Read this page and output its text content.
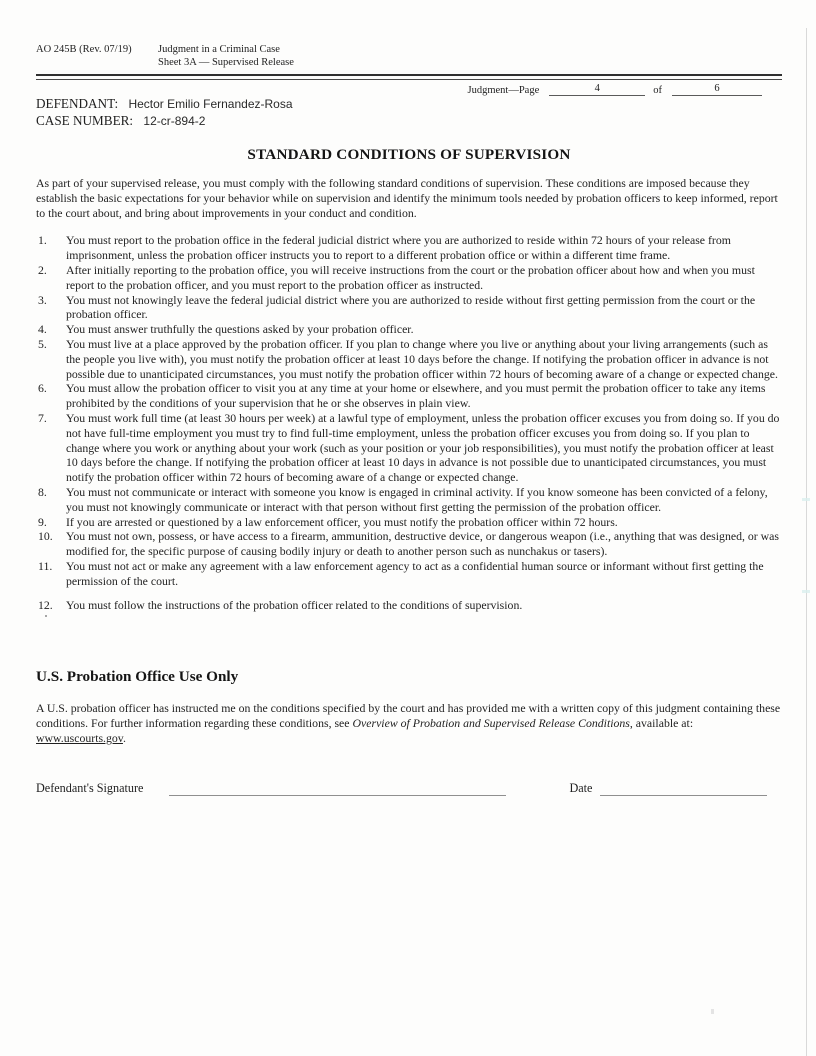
AO 245B (Rev. 07/19)	Judgment in a Criminal Case
Sheet 3A — Supervised Release
Judgment—Page	4	of	6
DEFENDANT: Hector Emilio Fernandez-Rosa
CASE NUMBER: 12-cr-894-2
STANDARD CONDITIONS OF SUPERVISION

As part of your supervised release, you must comply with the following standard conditions of supervision. These conditions are imposed because they establish the basic expectations for your behavior while on supervision and identify the minimum tools needed by probation officers to keep informed, report to the court about, and bring about improvements in your conduct and condition.

1. You must report to the probation office in the federal judicial district where you are authorized to reside within 72 hours of your release from imprisonment, unless the probation officer instructs you to report to a different probation office or within a different time frame.
2. After initially reporting to the probation office, you will receive instructions from the court or the probation officer about how and when you must report to the probation officer, and you must report to the probation officer as instructed.
3. You must not knowingly leave the federal judicial district where you are authorized to reside without first getting permission from the court or the probation officer.
4. You must answer truthfully the questions asked by your probation officer.
5. You must live at a place approved by the probation officer. If you plan to change where you live or anything about your living arrangements (such as the people you live with), you must notify the probation officer at least 10 days before the change. If notifying the probation officer in advance is not possible due to unanticipated circumstances, you must notify the probation officer within 72 hours of becoming aware of a change or expected change.
6. You must allow the probation officer to visit you at any time at your home or elsewhere, and you must permit the probation officer to take any items prohibited by the conditions of your supervision that he or she observes in plain view.
7. You must work full time (at least 30 hours per week) at a lawful type of employment, unless the probation officer excuses you from doing so. If you do not have full-time employment you must try to find full-time employment, unless the probation officer excuses you from doing so. If you plan to change where you work or anything about your work (such as your position or your job responsibilities), you must notify the probation officer at least 10 days before the change. If notifying the probation officer at least 10 days in advance is not possible due to unanticipated circumstances, you must notify the probation officer within 72 hours of becoming aware of a change or expected change.
8. You must not communicate or interact with someone you know is engaged in criminal activity. If you know someone has been convicted of a felony, you must not knowingly communicate or interact with that person without first getting the permission of the probation officer.
9. If you are arrested or questioned by a law enforcement officer, you must notify the probation officer within 72 hours.
10. You must not own, possess, or have access to a firearm, ammunition, destructive device, or dangerous weapon (i.e., anything that was designed, or was modified for, the specific purpose of causing bodily injury or death to another person such as nunchakus or tasers).
11. You must not act or make any agreement with a law enforcement agency to act as a confidential human source or informant without first getting the permission of the court.
12. You must follow the instructions of the probation officer related to the conditions of supervision.
U.S. Probation Office Use Only

A U.S. probation officer has instructed me on the conditions specified by the court and has provided me with a written copy of this judgment containing these conditions. For further information regarding these conditions, see Overview of Probation and Supervised Release Conditions, available at: www.uscourts.gov.

Defendant's Signature	Date
